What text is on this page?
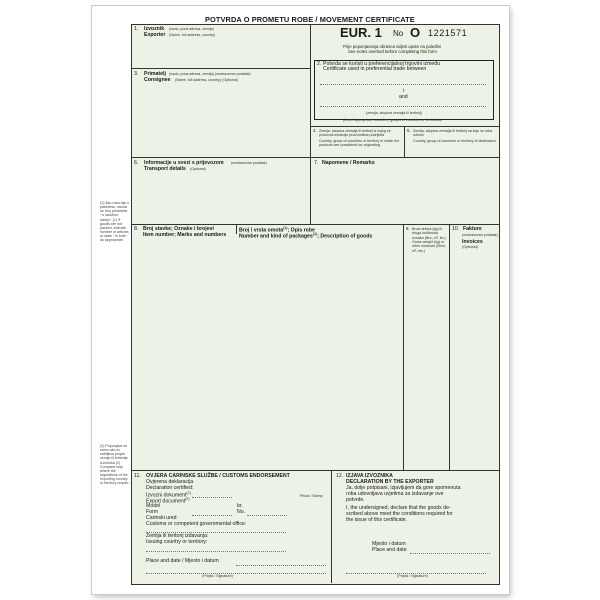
POTVRDA O PROMETU ROBE / MOVEMENT CERTIFICATE
(1) Ako roba nije u paketima, navodi se broj predmeta ~u rasutom stanju~ (1) If goods are not packed, indicate number of articles or state ~in bulk~ as appropriate.
(2) Popunjava se samo ako to zahtijeva propis zemlje ili teritorija izvoznika (2) Complete only where the regulations of the exporting country or territory require.
1. Izvoznik (naziv, puna adresa, zemlja)
Exporter (Name, full address, country)	EUR. 1 No O 1221571
Prije popunjavanja obrasca vidjeti upute na poleđini
See notes overleaf before completing this form
2. Potvrda se koristi u preferencijalnoj trgovini između
Certificate used in preferential trade between
i
and
(zemlja, skupina zemalja ili teritorij)
(Insert appropriate countries, groups of countries or territories)
3. Primatelj (naziv, puna adresa, zemlja) (neobavezan podatak)
Consignee (Name, full address, country) (Optional)
4. Zemlja, skupina zemalja ili teritorij iz kojeg se proizvodi smatraju proizvodima podrijetla
Country, group of countries or territory in which the products are considered as originating
5. Zemlja, skupina zemalja ili teritorij na koju se roba odnosi
Country, group of countries or territory of destination
6. Informacije u svezi s prijevozom (neobavezan podatak)
Transport details (Optional)
7. Napomene / Remarks
8. Broj stavke; Oznake i brojevi
Item number; Marks and numbers
Broj i vrsta omota$^{(1)}$; Opis robe
Number and kind of packages$^{(1)}$; Description of goods
9. Bruto-težina (kg) ili druga količinska oznaka (litre, m³, itd.) Gross weight (kg) or other measure (litres, m³, etc.)
10. Fakture
(neobavezan podatak)
Invoices
(Optional)
11. OVJERA CARINSKE SLUŽBE / CUSTOMS ENDORSEMENT
Ovjerena deklaracija
Declaration certified:
Izvozni dokument$^{(2)}$
Export document$^{(2)}$
Model
Form
br.
No.
Carinski ured
Customs or competent governmental office:
Zemlja ili teritorij izdavanja:
Issuing country or territory:
Place and date / Mjesto i datum
(Potpis / Signature)
Pečat / Stamp
12. IZJAVA IZVOZNIKA
DECLARATION BY THE EXPORTER
Ja, dolje potpisani, izjavljujem da gore spomenuta
roba udovoljava uvjetima za izdavanje ove
potvrde.
I, the undersigned, declare that the goods de-
scribed above meet the conditions required for
the issue of this certificate.
Mjesto i datum
Place and date
(Potpis / Signature)
